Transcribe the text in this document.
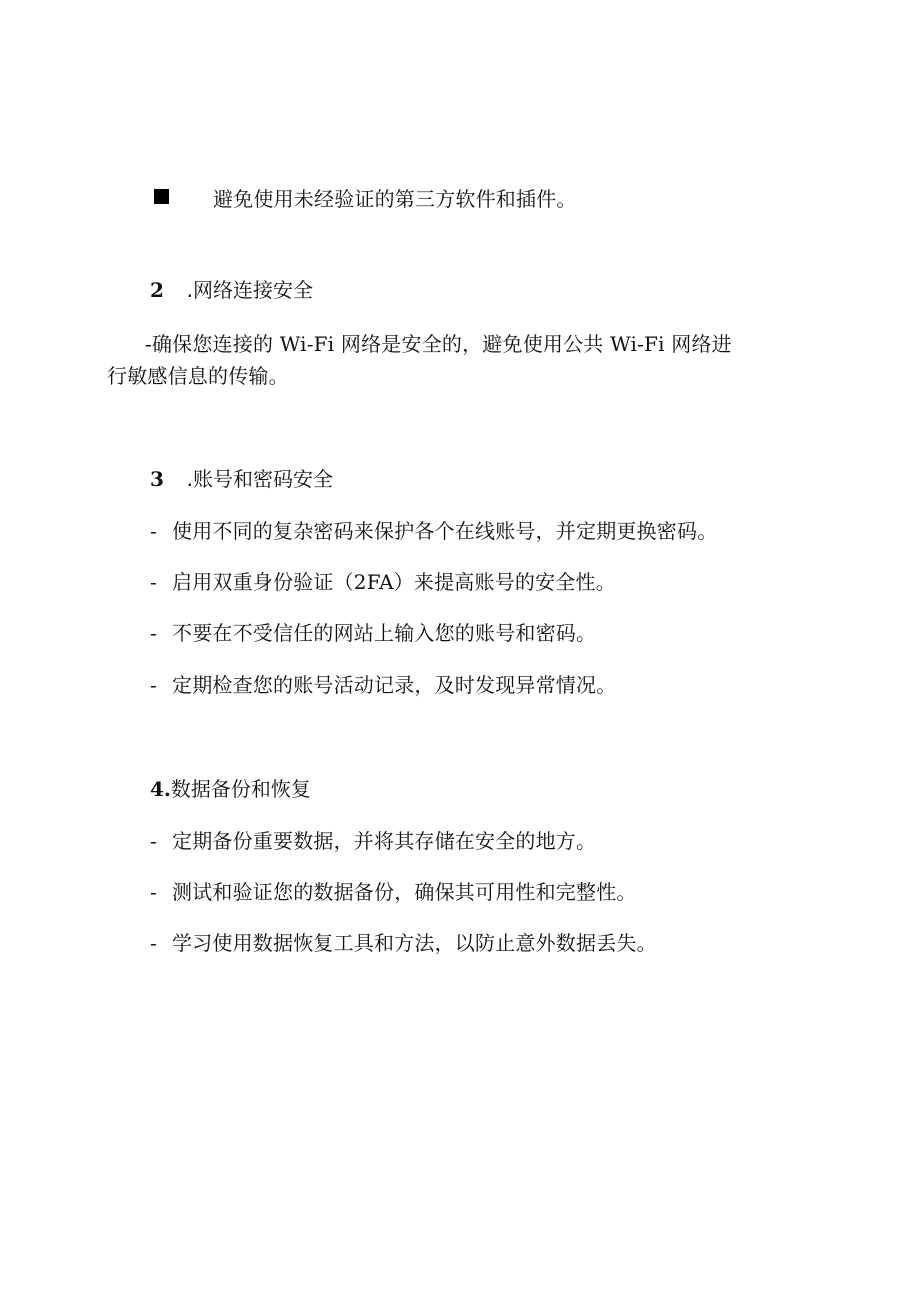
避免使用未经验证的第三方软件和插件。
2 .网络连接安全
-确保您连接的 Wi-Fi 网络是安全的，避免使用公共 Wi-Fi 网络进
行敏感信息的传输。
3 .账号和密码安全
- 使用不同的复杂密码来保护各个在线账号，并定期更换密码。
- 启用双重身份验证（2FA）来提高账号的安全性。
- 不要在不受信任的网站上输入您的账号和密码。
- 定期检查您的账号活动记录，及时发现异常情况。
4.数据备份和恢复
- 定期备份重要数据，并将其存储在安全的地方。
- 测试和验证您的数据备份，确保其可用性和完整性。
- 学习使用数据恢复工具和方法，以防止意外数据丢失。
